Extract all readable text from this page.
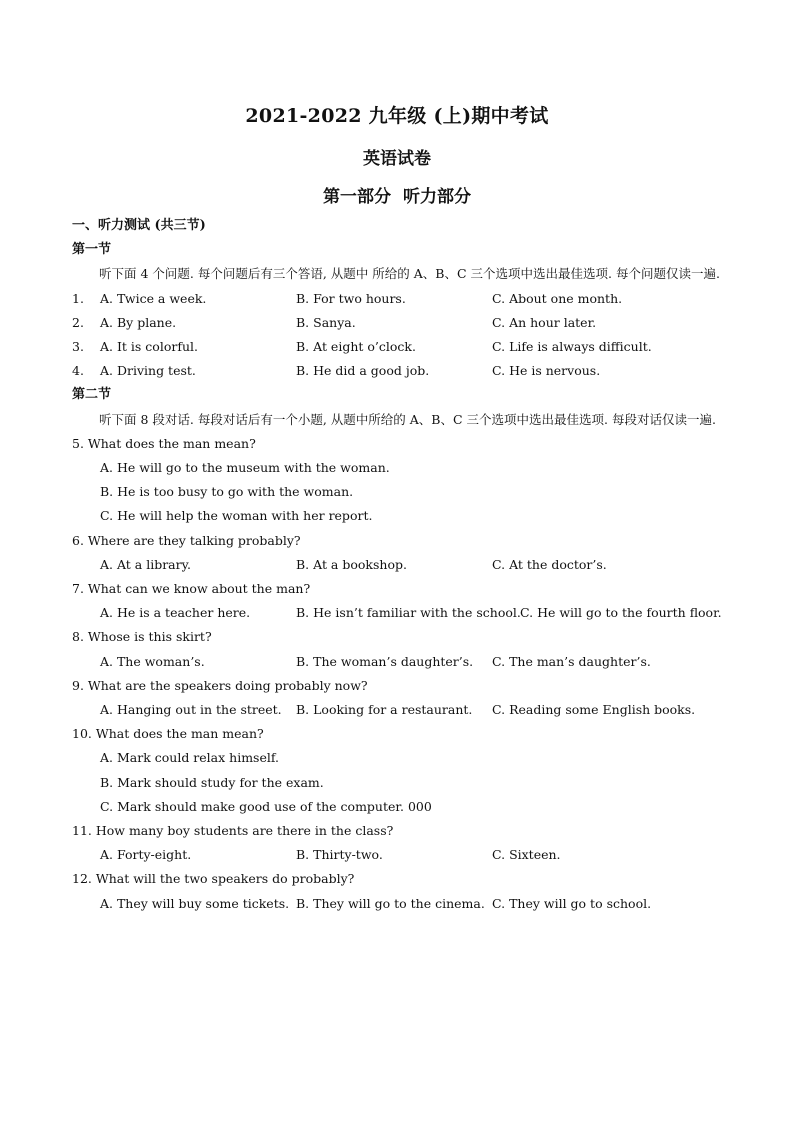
2021-2022 九年级 (上)期中考试
英语试卷
第一部分 听力部分
一、听力测试 (共三节)
第一节
听下面 4 个问题. 每个问题后有三个答语, 从题中 所给的 A、B、C 三个选项中选出最佳选项. 每个问题仅读一遍.
1. A. Twice a week.	B. For two hours.	C. About one month.
2. A. By plane.	B. Sanya.	C. An hour later.
3. A. It is colorful.	B. At eight o’clock.	C. Life is always difficult.
4. A. Driving test.	B. He did a good job.	C. He is nervous.
第二节
听下面 8 段对话. 每段对话后有一个小题, 从题中所给的 A、B、C 三个选项中选出最佳选项. 每段对话仅读一遍.
5. What does the man mean?
A. He will go to the museum with the woman.
B. He is too busy to go with the woman.
C. He will help the woman with her report.
6. Where are they talking probably?
A. At a library.	B. At a bookshop.	C. At the doctor’s.
7. What can we know about the man?
A. He is a teacher here.	B. He isn’t familiar with the school. C. He will go to the fourth floor.
8. Whose is this skirt?
A. The woman’s.	B. The woman’s daughter’s. C. The man’s daughter’s.
9. What are the speakers doing probably now?
A. Hanging out in the street. B. Looking for a restaurant. C. Reading some English books.
10. What does the man mean?
A. Mark could relax himself.
B. Mark should study for the exam.
C. Mark should make good use of the computer. 000
11. How many boy students are there in the class?
A. Forty-eight.	B. Thirty-two.	C. Sixteen.
12. What will the two speakers do probably?
A. They will buy some tickets. B. They will go to the cinema. C. They will go to school.
